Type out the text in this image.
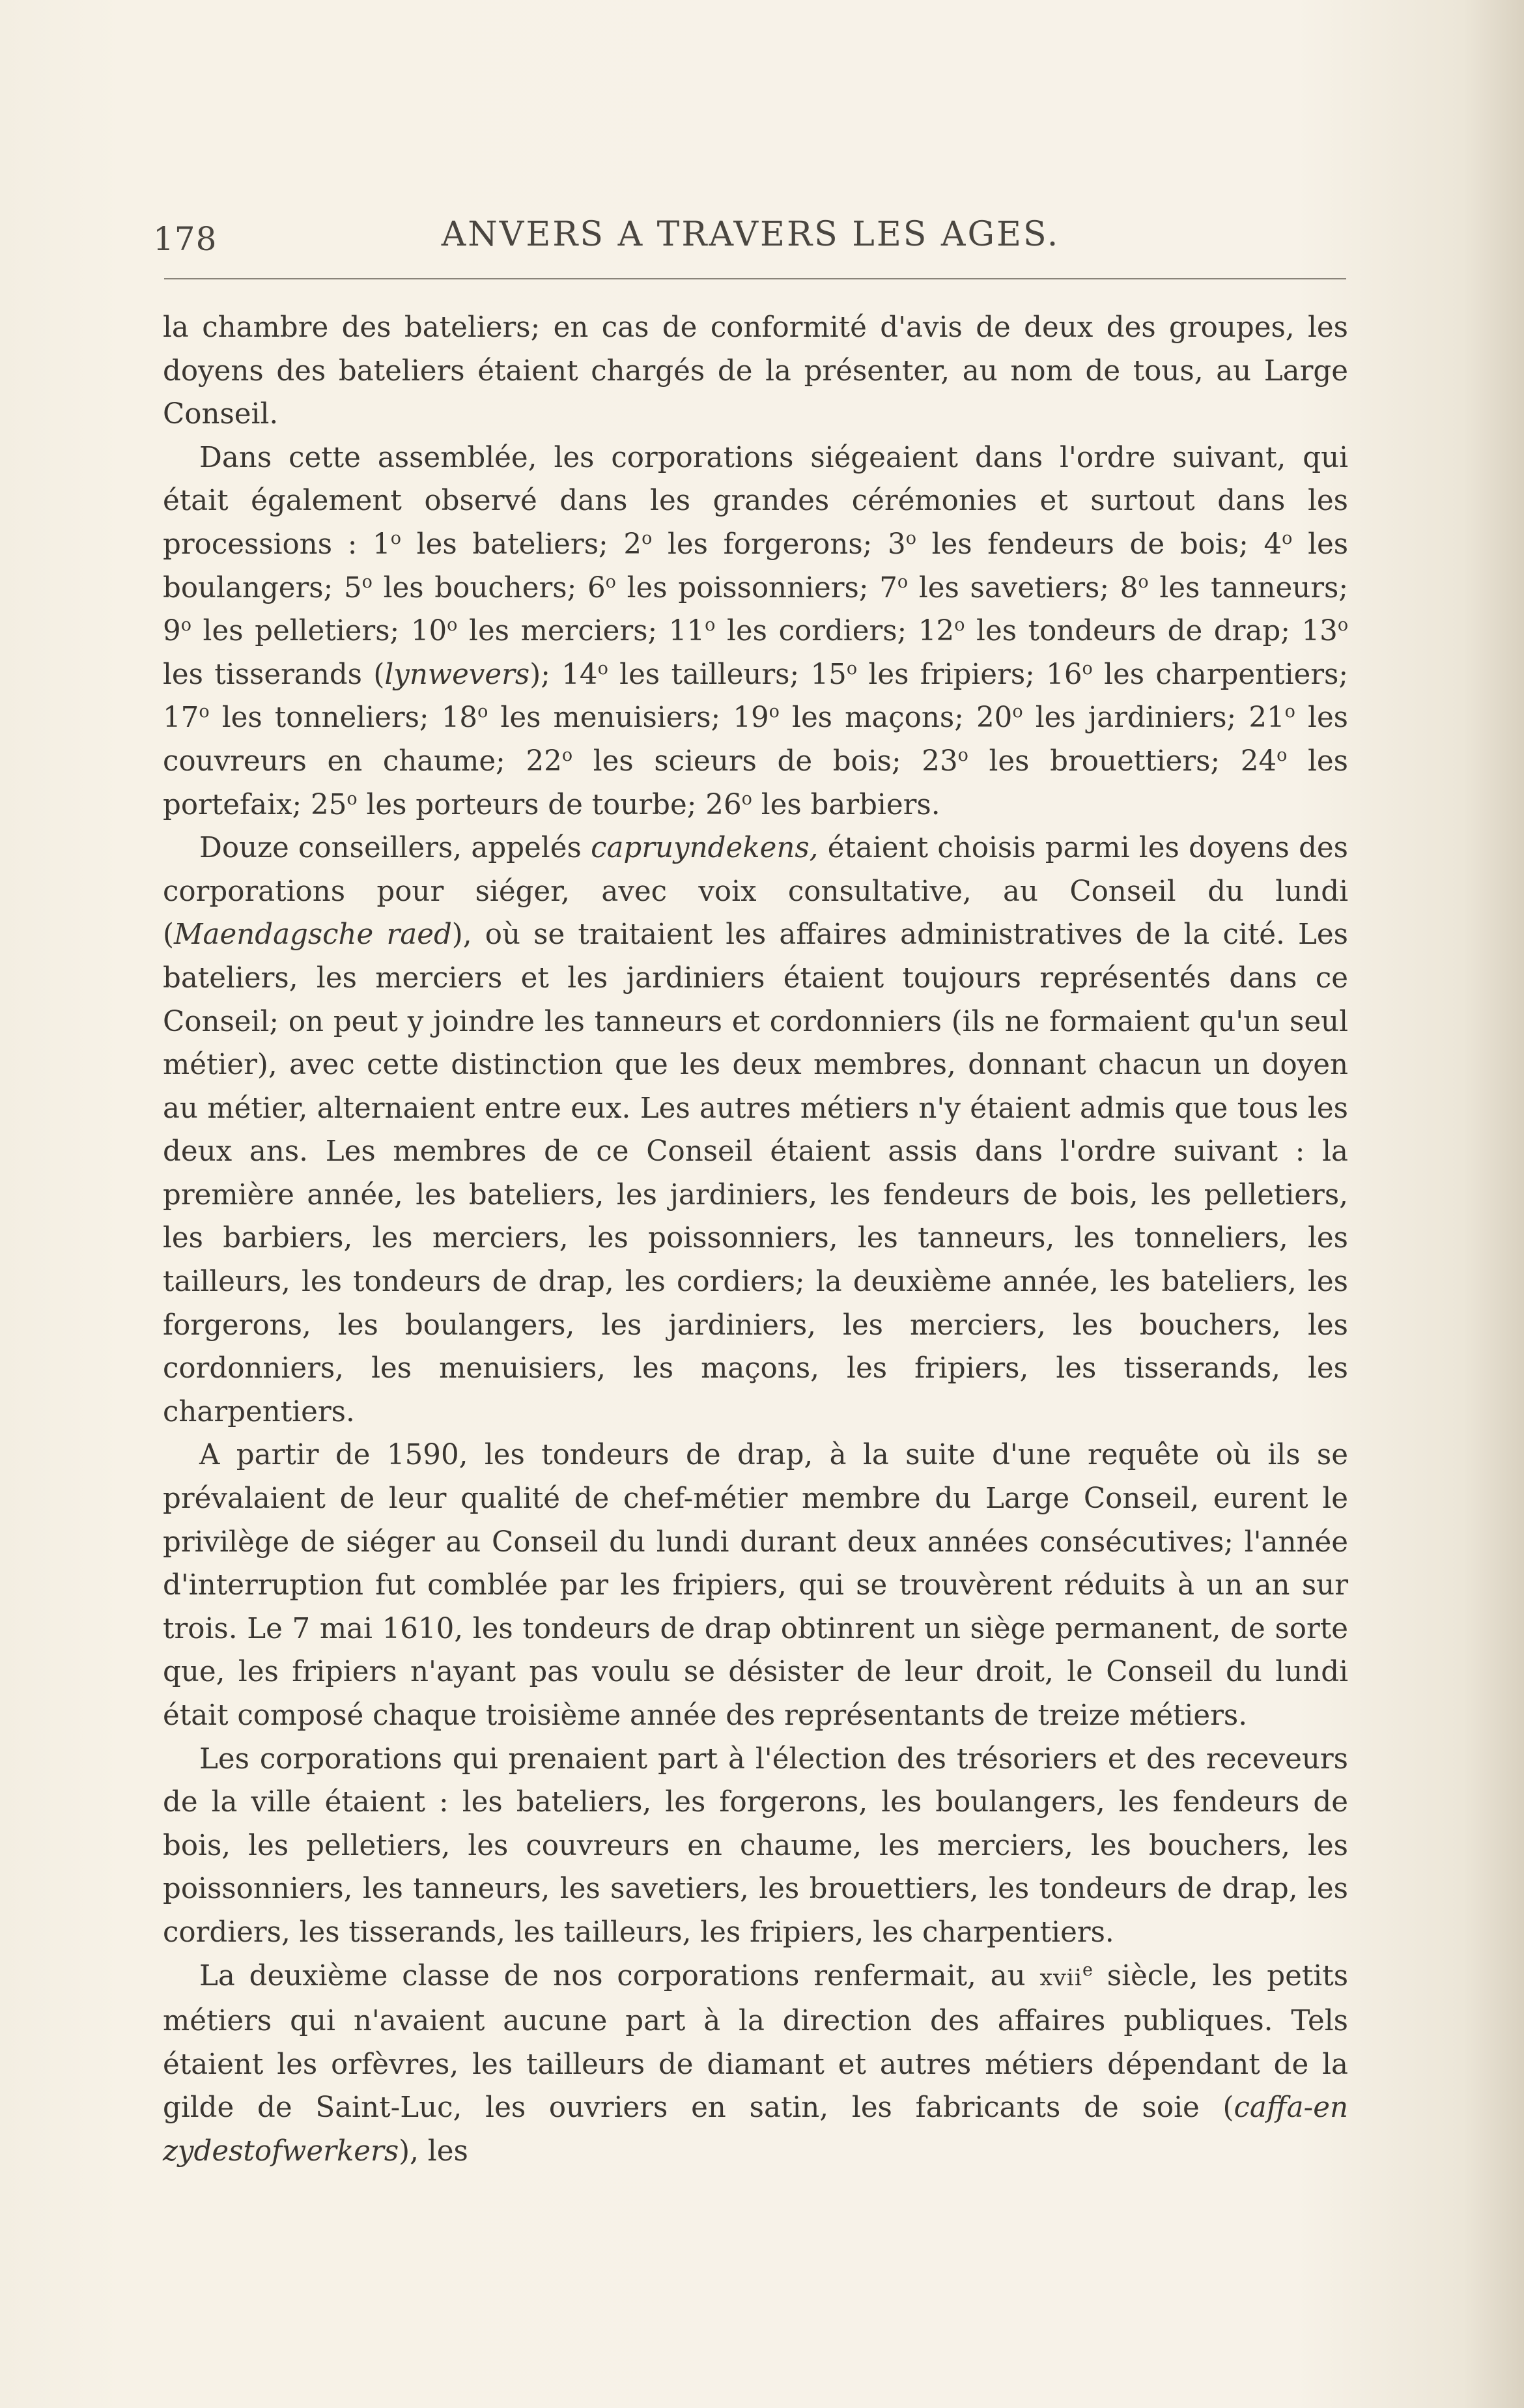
178	ANVERS A TRAVERS LES AGES.

la chambre des bateliers; en cas de conformité d'avis de deux des groupes, les doyens des bateliers étaient chargés de la présenter, au nom de tous, au Large Conseil.

Dans cette assemblée, les corporations siégeaient dans l'ordre suivant, qui était également observé dans les grandes cérémonies et surtout dans les processions : 1$^o$ les bateliers; 2$^o$ les forgerons; 3$^o$ les fendeurs de bois; 4$^o$ les boulangers; 5$^o$ les bouchers; 6$^o$ les poissonniers; 7$^o$ les savetiers; 8$^o$ les tanneurs; 9$^o$ les pelletiers; 10$^o$ les merciers; 11$^o$ les cordiers; 12$^o$ les tondeurs de drap; 13$^o$ les tisserands (lynwevers); 14$^o$ les tailleurs; 15$^o$ les fripiers; 16$^o$ les charpentiers; 17$^o$ les tonneliers; 18$^o$ les menuisiers; 19$^o$ les maçons; 20$^o$ les jardiniers; 21$^o$ les couvreurs en chaume; 22$^o$ les scieurs de bois; 23$^o$ les brouettiers; 24$^o$ les portefaix; 25$^o$ les porteurs de tourbe; 26$^o$ les barbiers.

Douze conseillers, appelés capruyndekens, étaient choisis parmi les doyens des corporations pour siéger, avec voix consultative, au Conseil du lundi (Maendagsche raed), où se traitaient les affaires administratives de la cité. Les bateliers, les merciers et les jardiniers étaient toujours représentés dans ce Conseil; on peut y joindre les tanneurs et cordonniers (ils ne formaient qu'un seul métier), avec cette distinction que les deux membres, donnant chacun un doyen au métier, alternaient entre eux. Les autres métiers n'y étaient admis que tous les deux ans. Les membres de ce Conseil étaient assis dans l'ordre suivant : la première année, les bateliers, les jardiniers, les fendeurs de bois, les pelletiers, les barbiers, les merciers, les poissonniers, les tanneurs, les tonneliers, les tailleurs, les tondeurs de drap, les cordiers; la deuxième année, les bateliers, les forgerons, les boulangers, les jardiniers, les merciers, les bouchers, les cordonniers, les menuisiers, les maçons, les fripiers, les tisserands, les charpentiers.

A partir de 1590, les tondeurs de drap, à la suite d'une requête où ils se prévalaient de leur qualité de chef-métier membre du Large Conseil, eurent le privilège de siéger au Conseil du lundi durant deux années consécutives; l'année d'interruption fut comblée par les fripiers, qui se trouvèrent réduits à un an sur trois. Le 7 mai 1610, les tondeurs de drap obtinrent un siège permanent, de sorte que, les fripiers n'ayant pas voulu se désister de leur droit, le Conseil du lundi était composé chaque troisième année des représentants de treize métiers.

Les corporations qui prenaient part à l'élection des trésoriers et des receveurs de la ville étaient : les bateliers, les forgerons, les boulangers, les fendeurs de bois, les pelletiers, les couvreurs en chaume, les merciers, les bouchers, les poissonniers, les tanneurs, les savetiers, les brouettiers, les tondeurs de drap, les cordiers, les tisserands, les tailleurs, les fripiers, les charpentiers.

La deuxième classe de nos corporations renfermait, au xvii$^e$ siècle, les petits métiers qui n'avaient aucune part à la direction des affaires publiques. Tels étaient les orfèvres, les tailleurs de diamant et autres métiers dépendant de la gilde de Saint-Luc, les ouvriers en satin, les fabricants de soie (caffa-en zydestofwerkers), les
